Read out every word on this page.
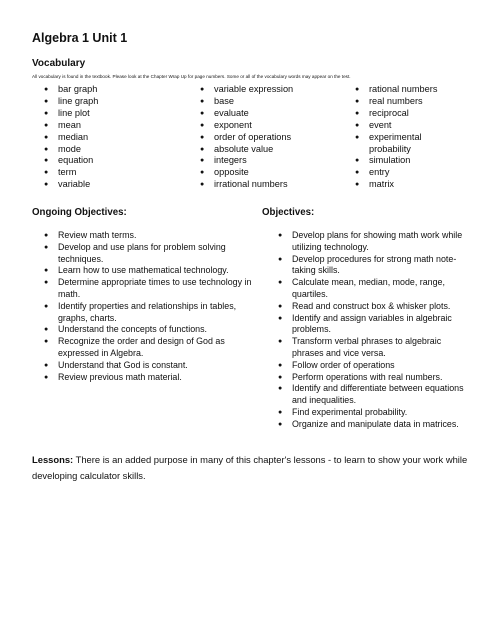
Algebra 1 Unit 1
Vocabulary
All vocabulary is found in the textbook. Please look at the Chapter Wrap Up for page numbers. Some or all of the vocabulary words may appear on the test.
● bar graph
● line graph
● line plot
● mean
● median
● mode
● equation
● term
● variable
● variable expression
● base
● evaluate
● exponent
● order of operations
● absolute value
● integers
● opposite
● irrational numbers
● rational numbers
● real numbers
● reciprocal
● event
● experimental probability
● simulation
● entry
● matrix
Ongoing Objectives:	Objectives:
● Review math terms.
● Develop and use plans for problem solving techniques.
● Learn how to use mathematical technology.
● Determine appropriate times to use technology in math.
● Identify properties and relationships in tables, graphs, charts.
● Understand the concepts of functions.
● Recognize the order and design of God as expressed in Algebra.
● Understand that God is constant.
● Review previous math material.
● Develop plans for showing math work while utilizing technology.
● Develop procedures for strong math note-taking skills.
● Calculate mean, median, mode, range, quartiles.
● Read and construct box & whisker plots.
● Identify and assign variables in algebraic problems.
● Transform verbal phrases to algebraic phrases and vice versa.
● Follow order of operations
● Perform operations with real numbers.
● Identify and differentiate between equations and inequalities.
● Find experimental probability.
● Organize and manipulate data in matrices.
Lessons: There is an added purpose in many of this chapter's lessons - to learn to show your work while developing calculator skills.
